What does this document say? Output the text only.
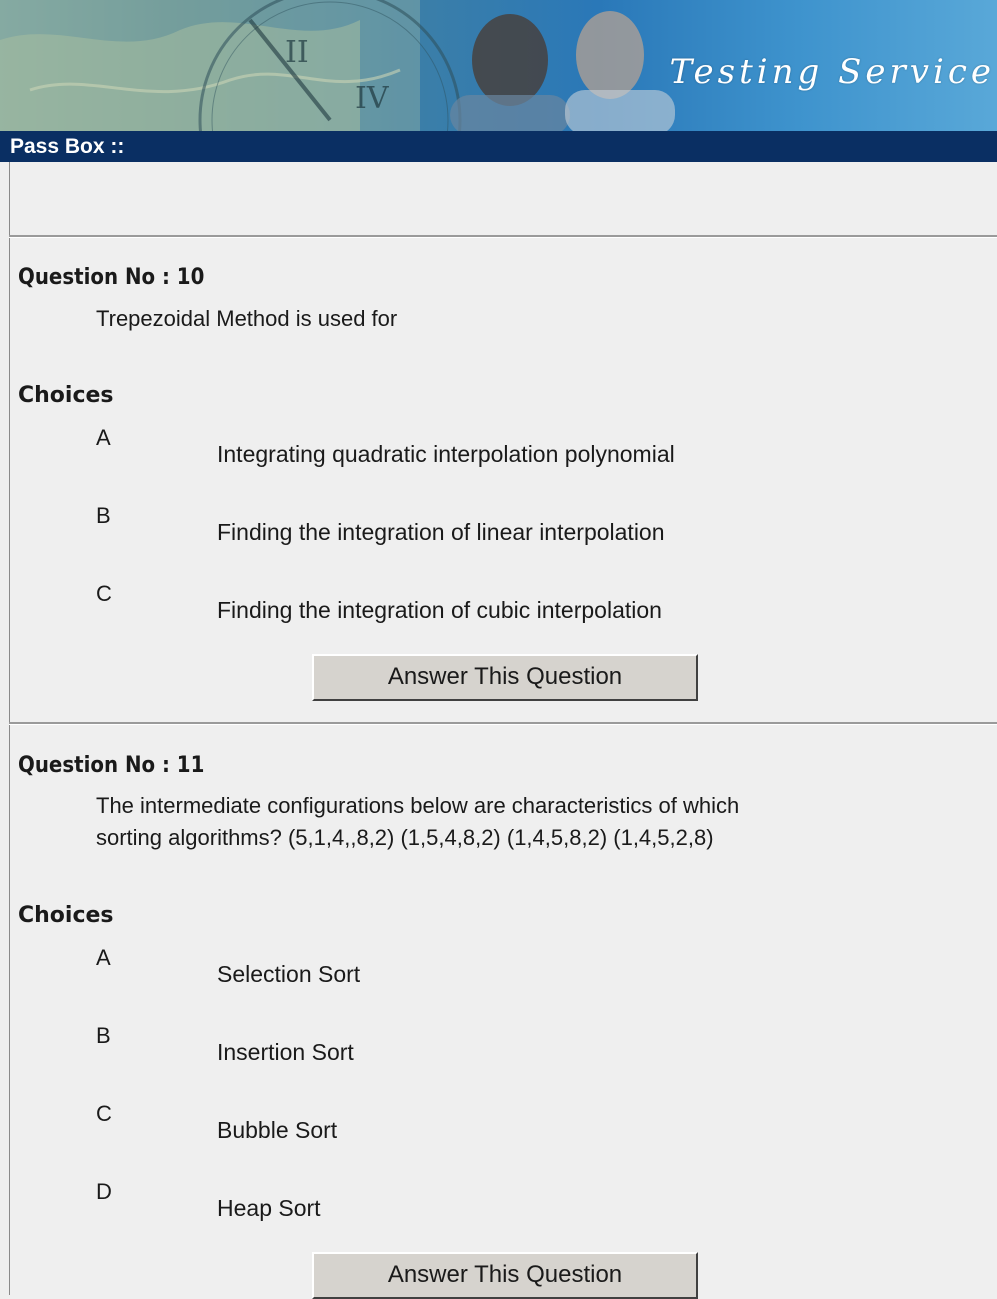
II
IV
Testing Service
Pass Box ::
Question No : 10
Trepezoidal Method is used for
Choices
A
Integrating quadratic interpolation polynomial
B
Finding the integration of linear interpolation
C
Finding the integration of cubic interpolation
Answer This Question
Question No : 11
The intermediate configurations below are characteristics of which
sorting algorithms? (5,1,4,,8,2) (1,5,4,8,2) (1,4,5,8,2) (1,4,5,2,8)
Choices
A
Selection Sort
B
Insertion Sort
C
Bubble Sort
D
Heap Sort
Answer This Question
